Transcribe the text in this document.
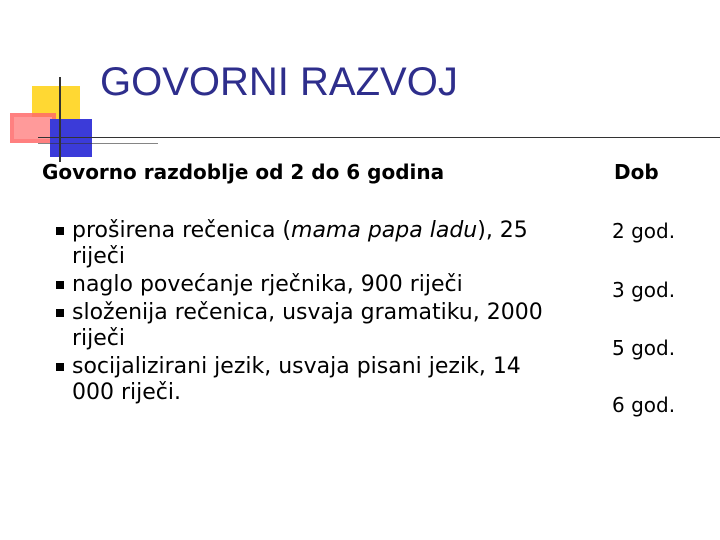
GOVORNI RAZVOJ
Govorno razdoblje od 2 do 6 godina	Dob
proširena rečenica (mama papa ladu), 25 riječi
naglo povećanje rječnika, 900 riječi
složenija rečenica, usvaja gramatiku, 2000 riječi
socijalizirani jezik, usvaja pisani jezik, 14 000 riječi.
2 god.
3 god.
5 god.
6 god.
